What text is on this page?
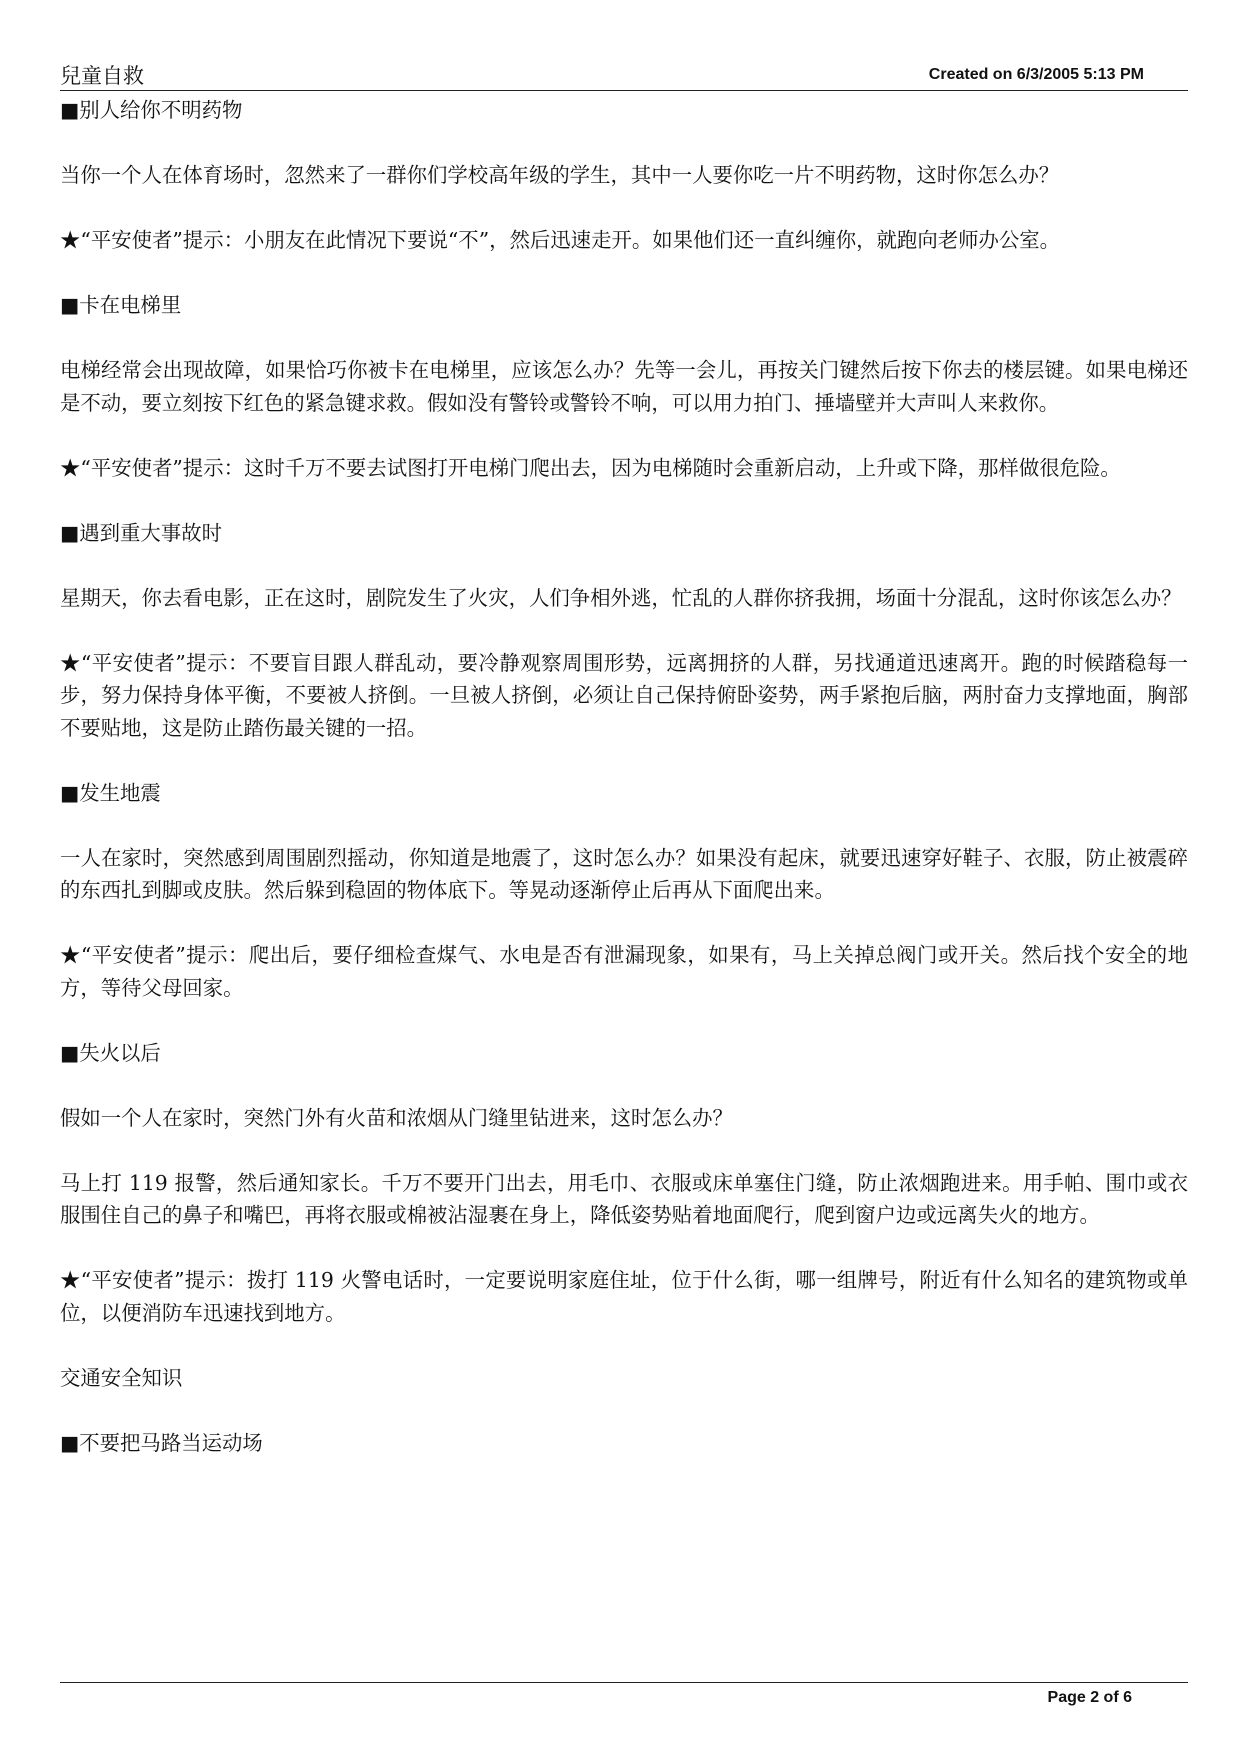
兒童自救	Created on 6/3/2005 5:13 PM

■别人给你不明药物

当你一个人在体育场时，忽然来了一群你们学校高年级的学生，其中一人要你吃一片不明药物，这时你怎么办？

★“平安使者”提示：小朋友在此情况下要说“不”，然后迅速走开。如果他们还一直纠缠你，就跑向老师办公室。

■卡在电梯里

电梯经常会出现故障，如果恰巧你被卡在电梯里，应该怎么办？先等一会儿，再按关门键然后按下你去的楼层键。如果电梯还是不动，要立刻按下红色的紧急键求救。假如没有警铃或警铃不响，可以用力拍门、捶墙壁并大声叫人来救你。

★“平安使者”提示：这时千万不要去试图打开电梯门爬出去，因为电梯随时会重新启动，上升或下降，那样做很危险。

■遇到重大事故时

星期天，你去看电影，正在这时，剧院发生了火灾，人们争相外逃，忙乱的人群你挤我拥，场面十分混乱，这时你该怎么办？

★“平安使者”提示：不要盲目跟人群乱动，要冷静观察周围形势，远离拥挤的人群，另找通道迅速离开。跑的时候踏稳每一步，努力保持身体平衡，不要被人挤倒。一旦被人挤倒，必须让自己保持俯卧姿势，两手紧抱后脑，两肘奋力支撑地面，胸部不要贴地，这是防止踏伤最关键的一招。

■发生地震

一人在家时，突然感到周围剧烈摇动，你知道是地震了，这时怎么办？如果没有起床，就要迅速穿好鞋子、衣服，防止被震碎的东西扎到脚或皮肤。然后躲到稳固的物体底下。等晃动逐渐停止后再从下面爬出来。

★“平安使者”提示：爬出后，要仔细检查煤气、水电是否有泄漏现象，如果有，马上关掉总阀门或开关。然后找个安全的地方，等待父母回家。

■失火以后

假如一个人在家时，突然门外有火苗和浓烟从门缝里钻进来，这时怎么办？

马上打 119 报警，然后通知家长。千万不要开门出去，用毛巾、衣服或床单塞住门缝，防止浓烟跑进来。用手帕、围巾或衣服围住自己的鼻子和嘴巴，再将衣服或棉被沾湿裹在身上，降低姿势贴着地面爬行，爬到窗户边或远离失火的地方。

★“平安使者”提示：拨打 119 火警电话时，一定要说明家庭住址，位于什么街，哪一组牌号，附近有什么知名的建筑物或单位，以便消防车迅速找到地方。

交通安全知识

■不要把马路当运动场

Page 2 of 6
